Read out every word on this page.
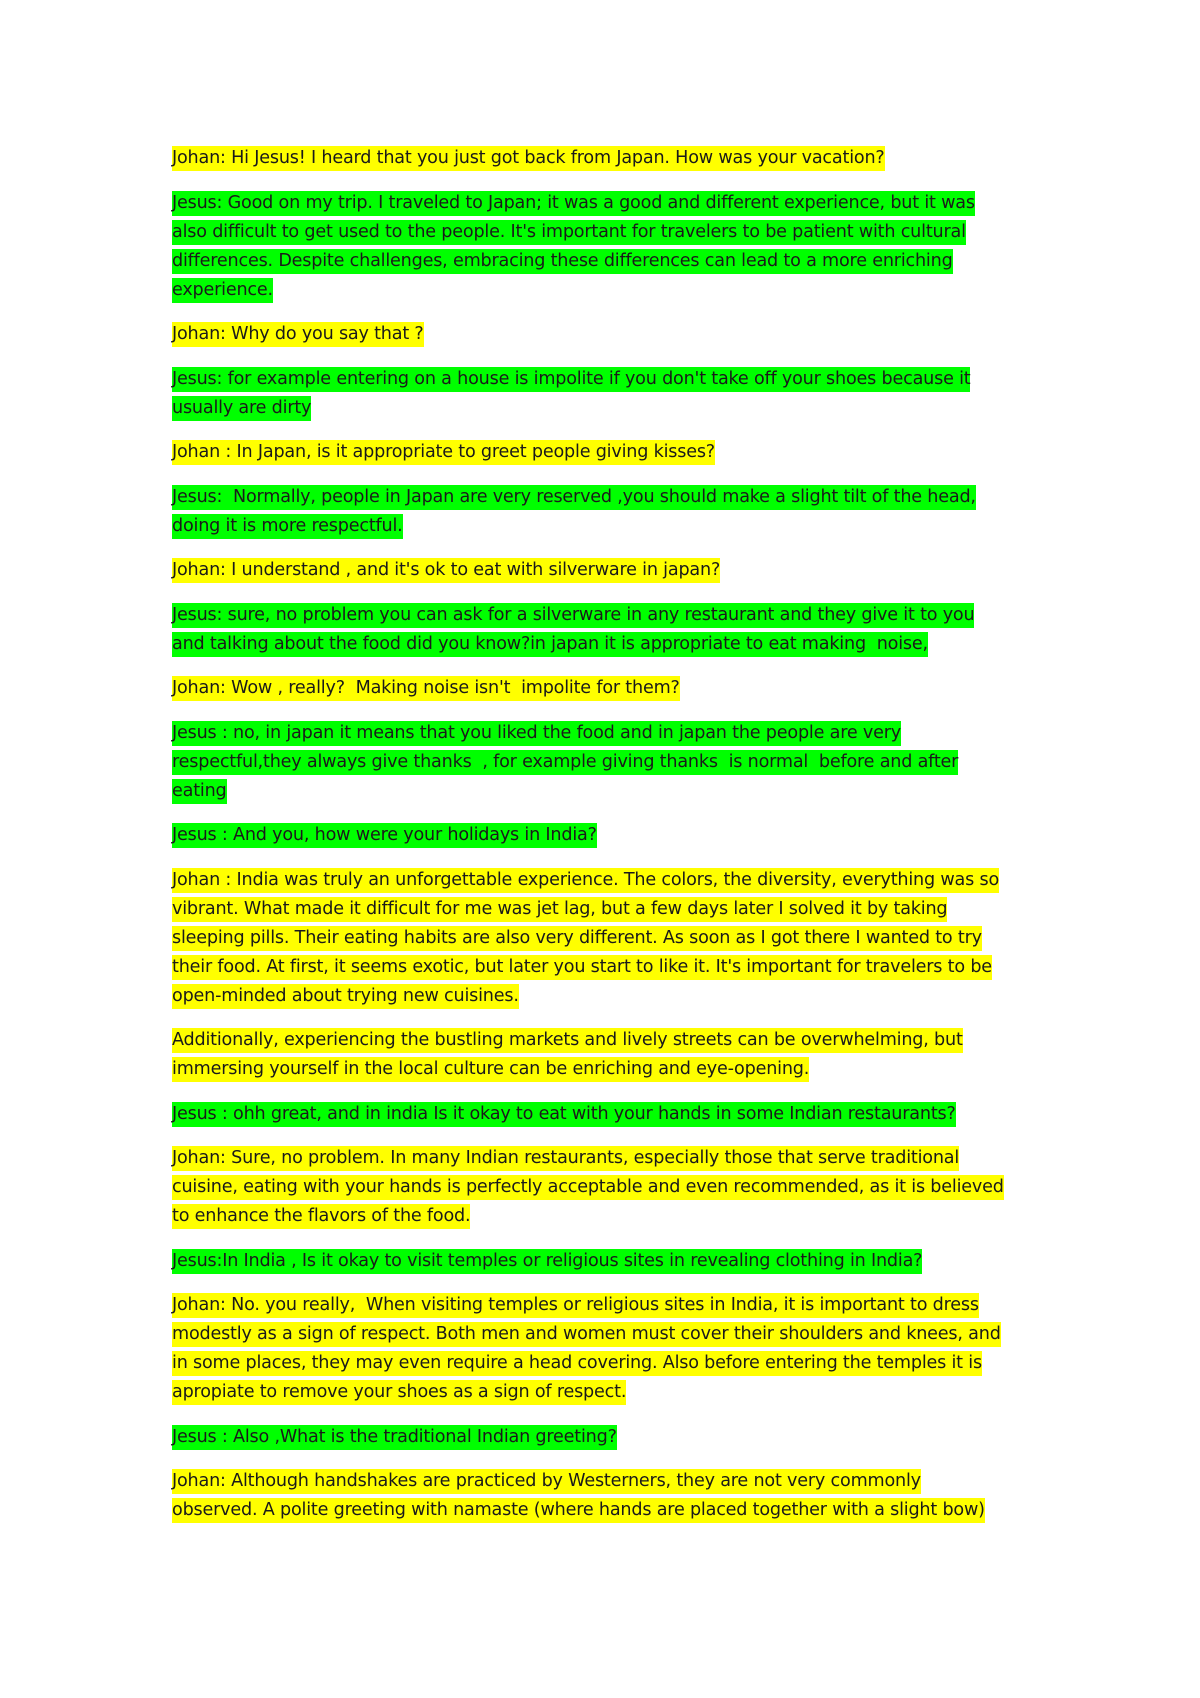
Johan: Hi Jesus! I heard that you just got back from Japan. How was your vacation?
Jesus: Good on my trip. I traveled to Japan; it was a good and different experience, but it was
also difficult to get used to the people. It's important for travelers to be patient with cultural
differences. Despite challenges, embracing these differences can lead to a more enriching
experience.
Johan: Why do you say that ?
Jesus: for example entering on a house is impolite if you don't take off your shoes because it
usually are dirty
Johan : In Japan, is it appropriate to greet people giving kisses?
Jesus:  Normally, people in Japan are very reserved ,you should make a slight tilt of the head,
doing it is more respectful.
Johan: I understand , and it's ok to eat with silverware in japan?
Jesus: sure, no problem you can ask for a silverware in any restaurant and they give it to you
and talking about the food did you know?in japan it is appropriate to eat making  noise,
Johan: Wow , really?  Making noise isn't  impolite for them?
Jesus : no, in japan it means that you liked the food and in japan the people are very
respectful,they always give thanks  , for example giving thanks  is normal  before and after
eating
Jesus : And you, how were your holidays in India?
Johan : India was truly an unforgettable experience. The colors, the diversity, everything was so
vibrant. What made it difficult for me was jet lag, but a few days later I solved it by taking
sleeping pills. Their eating habits are also very different. As soon as I got there I wanted to try
their food. At first, it seems exotic, but later you start to like it. It's important for travelers to be
open-minded about trying new cuisines.
Additionally, experiencing the bustling markets and lively streets can be overwhelming, but
immersing yourself in the local culture can be enriching and eye-opening.
Jesus : ohh great, and in india Is it okay to eat with your hands in some Indian restaurants?
Johan: Sure, no problem. In many Indian restaurants, especially those that serve traditional
cuisine, eating with your hands is perfectly acceptable and even recommended, as it is believed
to enhance the flavors of the food.
Jesus:In India , Is it okay to visit temples or religious sites in revealing clothing in India?
Johan: No. you really,  When visiting temples or religious sites in India, it is important to dress
modestly as a sign of respect. Both men and women must cover their shoulders and knees, and
in some places, they may even require a head covering. Also before entering the temples it is
apropiate to remove your shoes as a sign of respect.
Jesus : Also ,What is the traditional Indian greeting?
Johan: Although handshakes are practiced by Westerners, they are not very commonly
observed. A polite greeting with namaste (where hands are placed together with a slight bow)
